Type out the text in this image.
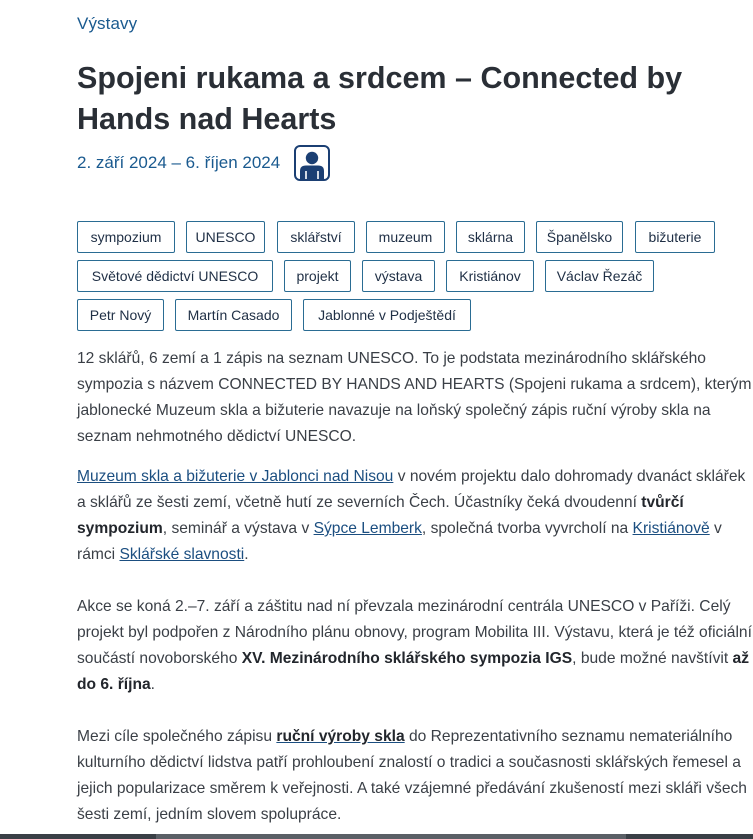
Výstavy
Spojeni rukama a srdcem – Connected by Hands nad Hearts
2. září 2024 – 6. říjen 2024
sympozium	UNESCO	sklářství	muzeum	sklárna	Španělsko	bižuterie
Světové dědictví UNESCO	projekt	výstava	Kristiánov	Václav Řezáč
Petr Nový	Martín Casado	Jablonné v Podještědí

12 sklářů, 6 zemí a 1 zápis na seznam UNESCO. To je podstata mezinárodního sklářského sympozia s názvem CONNECTED BY HANDS AND HEARTS (Spojeni rukama a srdcem), kterým jablonecké Muzeum skla a bižuterie navazuje na loňský společný zápis ruční výroby skla na seznam nehmotného dědictví UNESCO.

Muzeum skla a bižuterie v Jablonci nad Nisou v novém projektu dalo dohromady dvanáct sklářek a sklářů ze šesti zemí, včetně hutí ze severních Čech. Účastníky čeká dvoudenní tvůrčí sympozium, seminář a výstava v Sýpce Lemberk, společná tvorba vyvrcholí na Kristiánově v rámci Sklářské slavnosti.

Akce se koná 2.–7. září a záštitu nad ní převzala mezinárodní centrála UNESCO v Paříži. Celý projekt byl podpořen z Národního plánu obnovy, program Mobilita III. Výstavu, která je též oficiální součástí novoborského XV. Mezinárodního sklářského sympozia IGS, bude možné navštívit až do 6. října.

Mezi cíle společného zápisu ruční výroby skla do Reprezentativního seznamu nemateriálního kulturního dědictví lidstva patří prohloubení znalostí o tradici a současnosti sklářských řemesel a jejich popularizace směrem k veřejnosti. A také vzájemné předávání zkušeností mezi skláři všech šesti zemí, jedním slovem spolupráce.
